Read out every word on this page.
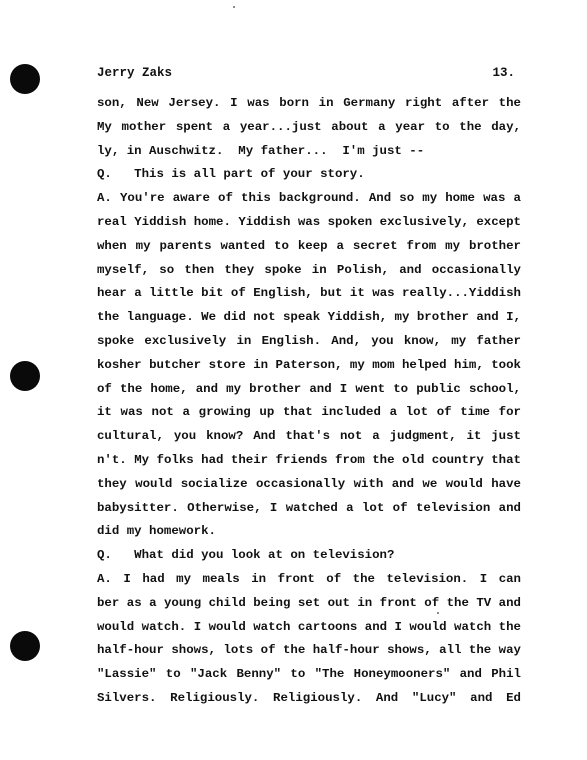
Jerry Zaks	13.
son, New Jersey. I was born in Germany right after the
My mother spent a year...just about a year to the day,
ly, in Auschwitz.  My father...  I'm just --
Q.   This is all part of your story.
A. You're aware of this background. And so my home was a
real Yiddish home. Yiddish was spoken exclusively, except
when my parents wanted to keep a secret from my brother
myself, so then they spoke in Polish, and occasionally
hear a little bit of English, but it was really...Yiddish
the language. We did not speak Yiddish, my brother and I,
spoke exclusively in English. And, you know, my father
kosher butcher store in Paterson, my mom helped him, took
of the home, and my brother and I went to public school,
it was not a growing up that included a lot of time for
cultural, you know? And that's not a judgment, it just
n't. My folks had their friends from the old country that
they would socialize occasionally with and we would have
babysitter. Otherwise, I watched a lot of television and
did my homework.
Q.   What did you look at on television?
A. I had my meals in front of the television. I can
ber as a young child being set out in front of the TV and
would watch. I would watch cartoons and I would watch the
half-hour shows, lots of the half-hour shows, all the way
"Lassie" to "Jack Benny" to "The Honeymooners" and Phil
Silvers. Religiously. Religiously. And "Lucy" and Ed
